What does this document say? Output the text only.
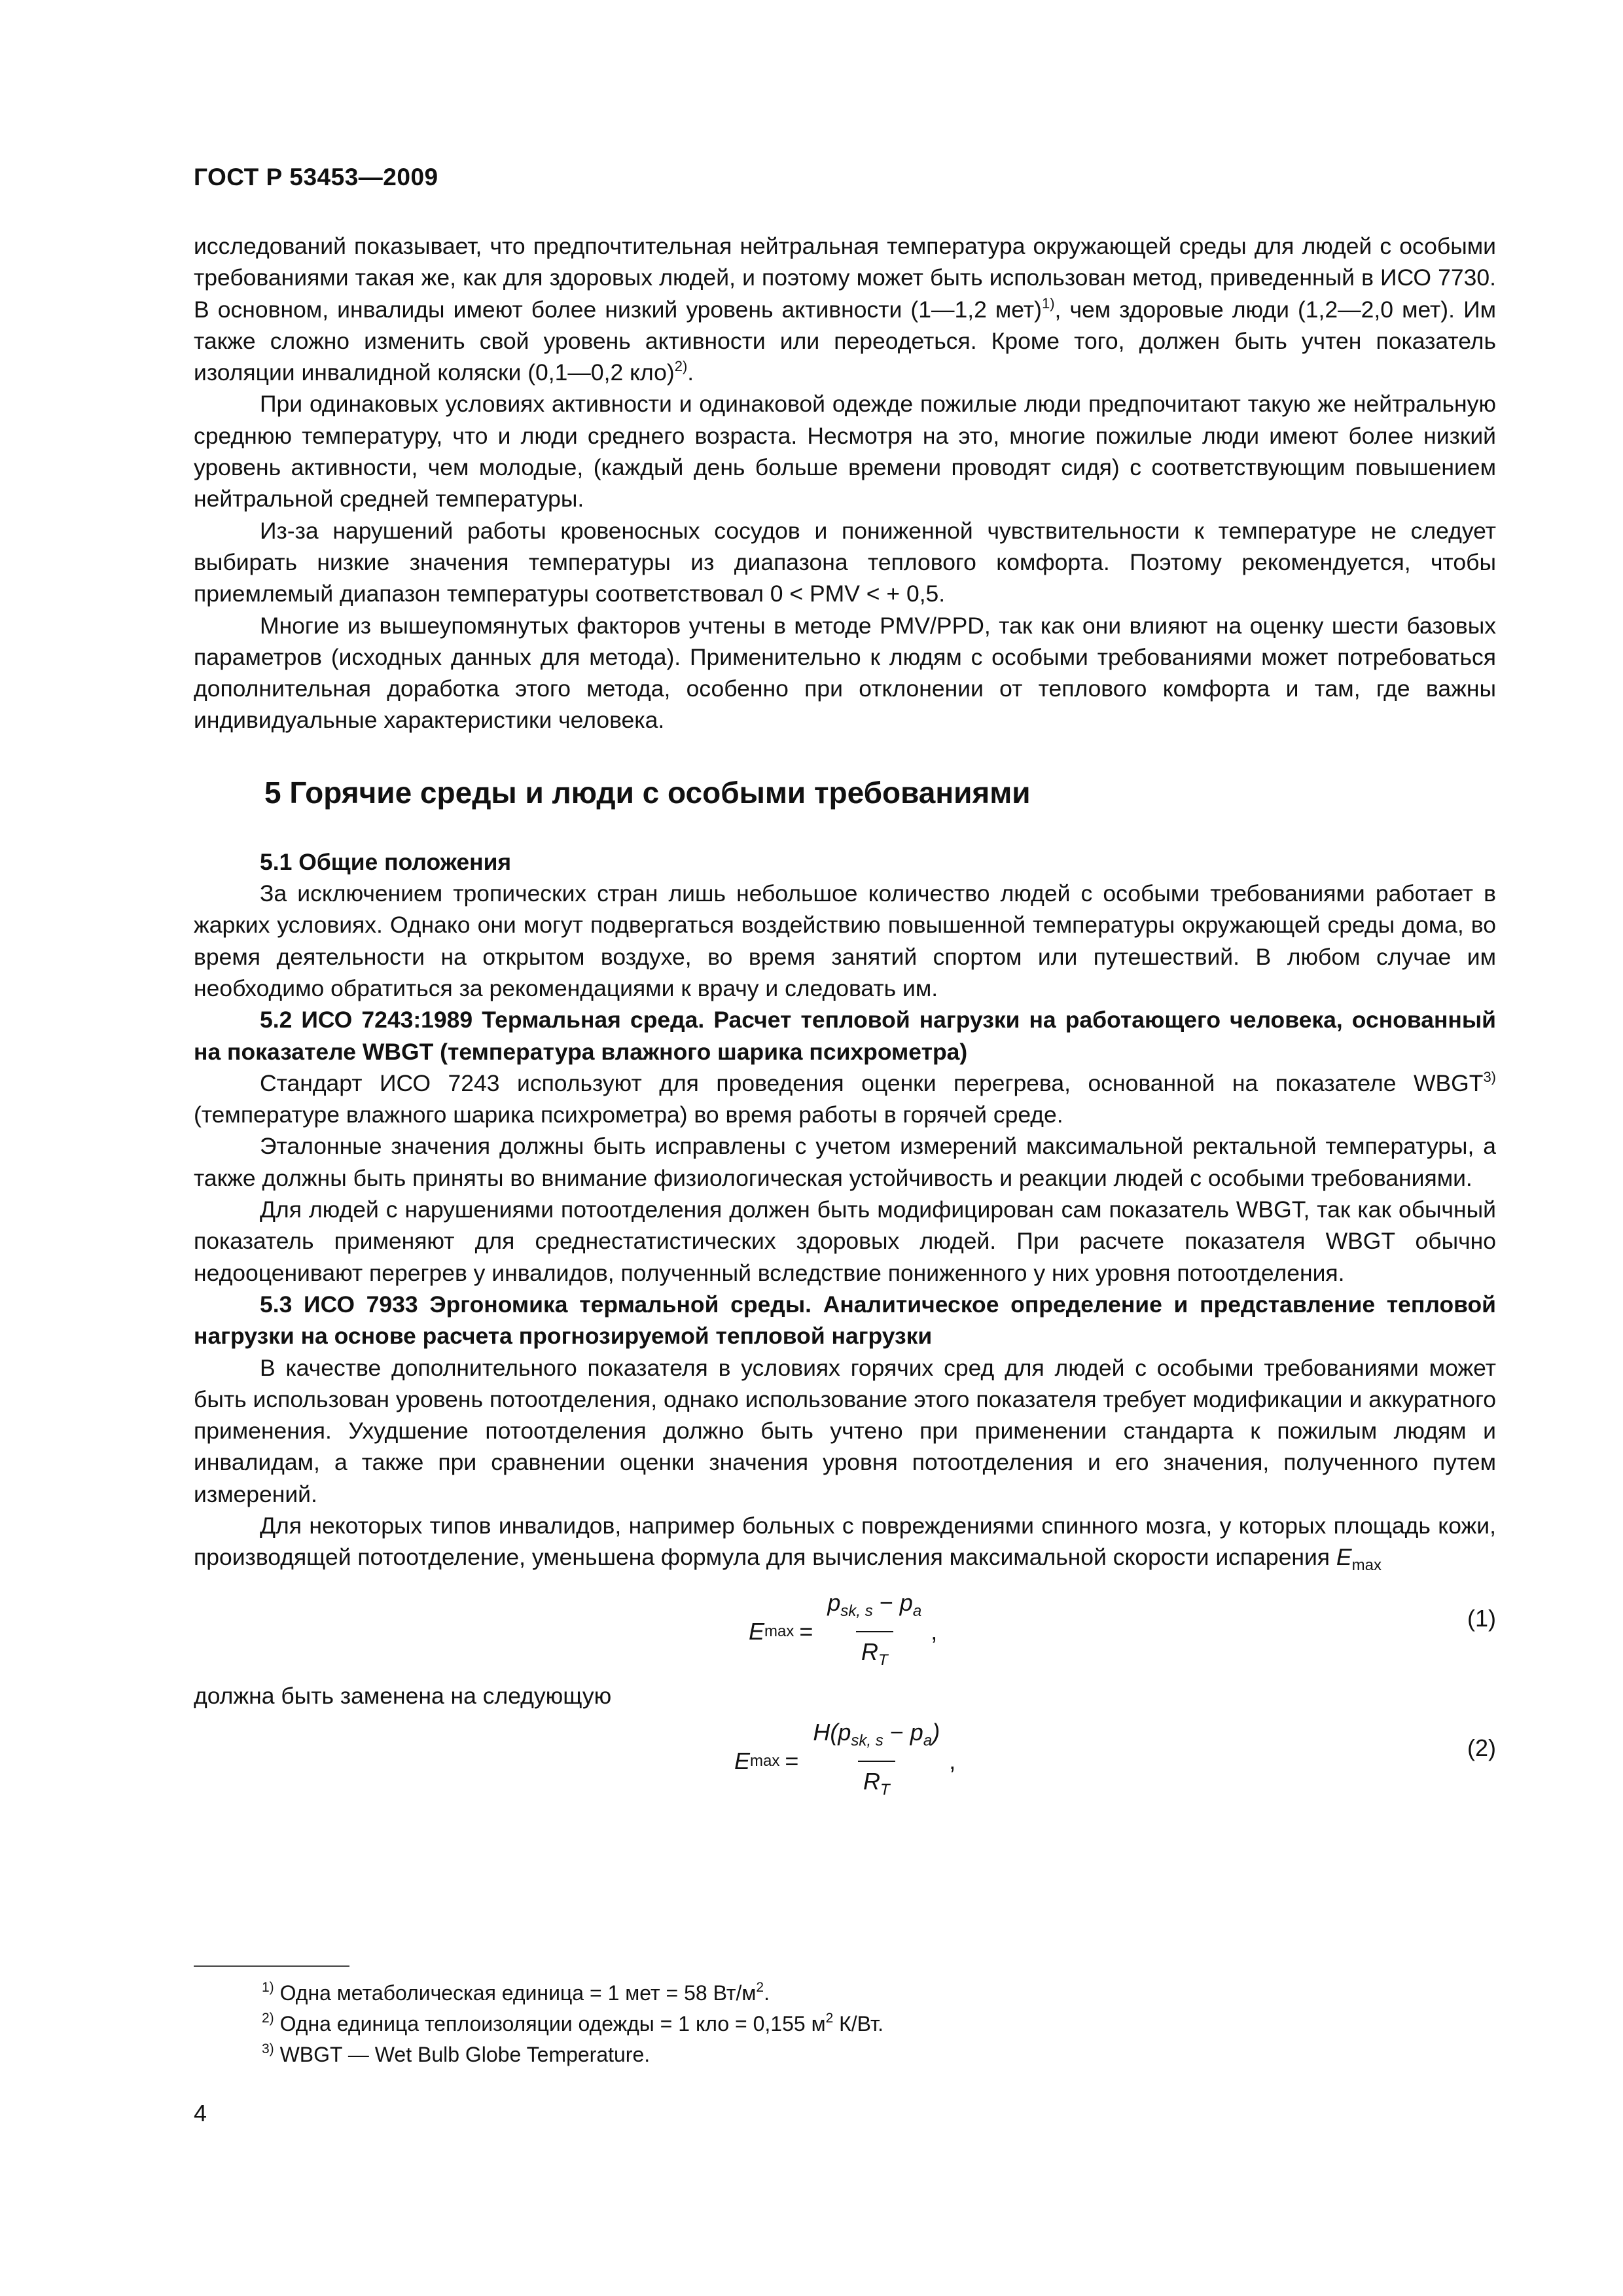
ГОСТ Р 53453—2009

исследований показывает, что предпочтительная нейтральная температура окружающей среды для людей с особыми требованиями такая же, как для здоровых людей, и поэтому может быть использован метод, приведенный в ИСО 7730. В основном, инвалиды имеют более низкий уровень активности (1—1,2 мет)$^{1)}$, чем здоровые люди (1,2—2,0 мет). Им также сложно изменить свой уровень активности или переодеться. Кроме того, должен быть учтен показатель изоляции инвалидной коляски (0,1—0,2 кло)$^{2)}$.

При одинаковых условиях активности и одинаковой одежде пожилые люди предпочитают такую же нейтральную среднюю температуру, что и люди среднего возраста. Несмотря на это, многие пожилые люди имеют более низкий уровень активности, чем молодые, (каждый день больше времени проводят сидя) с соответствующим повышением нейтральной средней температуры.

Из-за нарушений работы кровеносных сосудов и пониженной чувствительности к температуре не следует выбирать низкие значения температуры из диапазона теплового комфорта. Поэтому рекомендуется, чтобы приемлемый диапазон температуры соответствовал 0 < PMV < + 0,5.

Многие из вышеупомянутых факторов учтены в методе PMV/PPD, так как они влияют на оценку шести базовых параметров (исходных данных для метода). Применительно к людям с особыми требованиями может потребоваться дополнительная доработка этого метода, особенно при отклонении от теплового комфорта и там, где важны индивидуальные характеристики человека.

5 Горячие среды и люди с особыми требованиями
5.1 Общие положения

За исключением тропических стран лишь небольшое количество людей с особыми требованиями работает в жарких условиях. Однако они могут подвергаться воздействию повышенной температуры окружающей среды дома, во время деятельности на открытом воздухе, во время занятий спортом или путешествий. В любом случае им необходимо обратиться за рекомендациями к врачу и следовать им.

5.2 ИСО 7243:1989 Термальная среда. Расчет тепловой нагрузки на работающего человека, основанный на показателе WBGT (температура влажного шарика психрометра)

Стандарт ИСО 7243 используют для проведения оценки перегрева, основанной на показателе WBGT$^{3)}$ (температуре влажного шарика психрометра) во время работы в горячей среде.

Эталонные значения должны быть исправлены с учетом измерений максимальной ректальной температуры, а также должны быть приняты во внимание физиологическая устойчивость и реакции людей с особыми требованиями.

Для людей с нарушениями потоотделения должен быть модифицирован сам показатель WBGT, так как обычный показатель применяют для среднестатистических здоровых людей. При расчете показателя WBGT обычно недооценивают перегрев у инвалидов, полученный вследствие пониженного у них уровня потоотделения.

5.3 ИСО 7933 Эргономика термальной среды. Аналитическое определение и представление тепловой нагрузки на основе расчета прогнозируемой тепловой нагрузки

В качестве дополнительного показателя в условиях горячих сред для людей с особыми требованиями может быть использован уровень потоотделения, однако использование этого показателя требует модификации и аккуратного применения. Ухудшение потоотделения должно быть учтено при применении стандарта к пожилым людям и инвалидам, а также при сравнении оценки значения уровня потоотделения и его значения, полученного путем измерений.

Для некоторых типов инвалидов, например больных с повреждениями спинного мозга, у которых площадь кожи, производящей потоотделение, уменьшена формула для вычисления максимальной скорости испарения $E_{max}$

E $\max = \frac{p_{sk, s} - p_a}{R_T}$ ,	(1)

должна быть заменена на следующую

E $\max = \frac{H(p_{sk, s} - p_a)}{R_T}$ ,	(2)
$^{1)}$ Одна метаболическая единица = 1 мет = 58 $Вт/м^2$.
$^{2)}$ Одна единица теплоизоляции одежды = 1 кло = 0,155 $м^2$ К/Вт.
$^{3)}$ WBGT — Wet Bulb Globe Temperature.
4
